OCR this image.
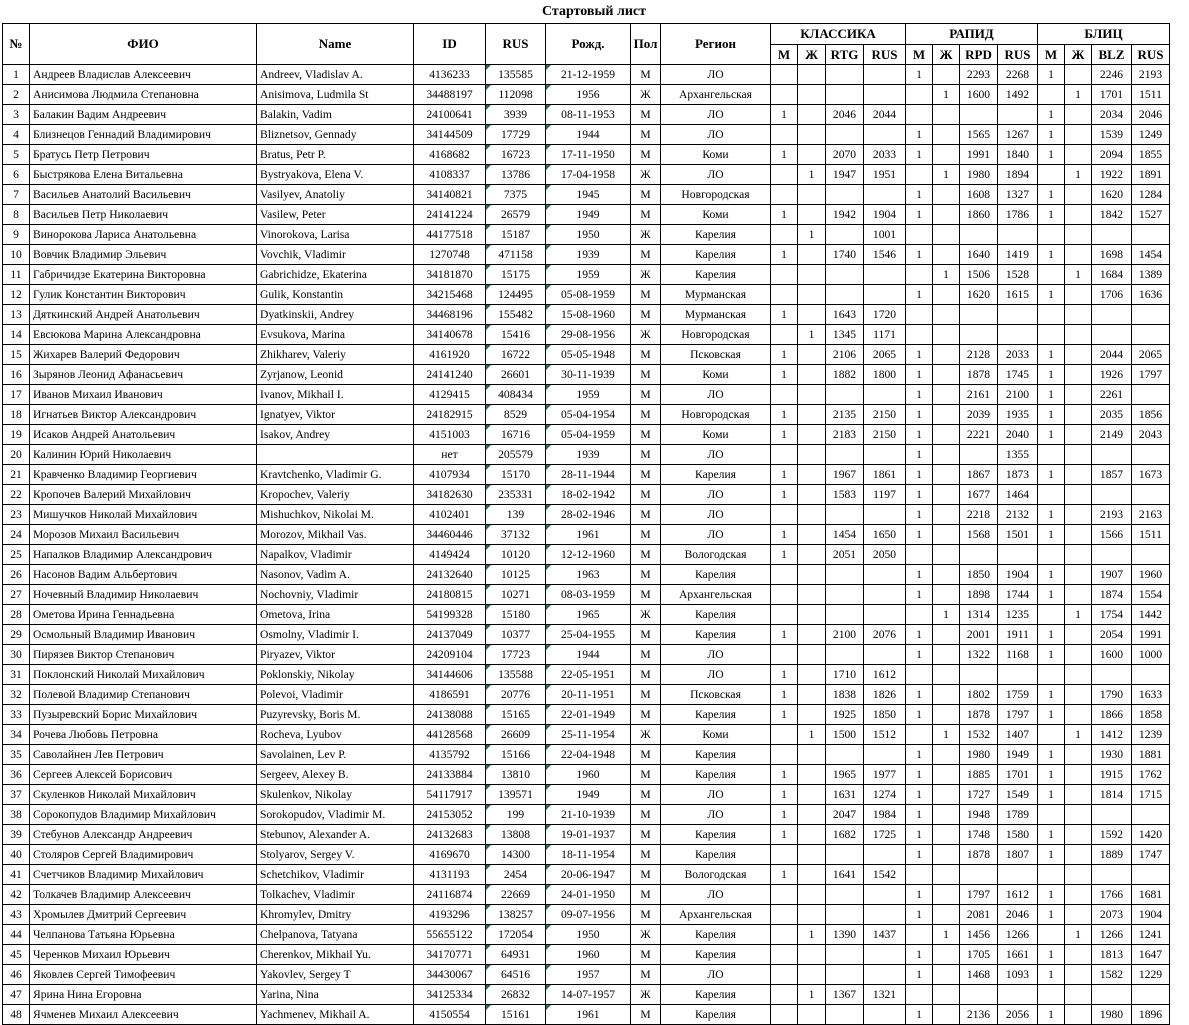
Стартовый лист
№	ФИО	Name	ID	RUS	Рожд.	Пол	Регион	КЛАССИКА				РАПИД				БЛИЦ			
								М	Ж	RTG	RUS	М	Ж	RPD	RUS	М	Ж	BLZ	RUS
1	Андреев Владислав Алексеевич	Andreev, Vladislav A.	4136233	135585	21-12-1959	М	ЛО					1		2293	2268	1		2246	2193
2	Анисимова Людмила Степановна	Anisimova, Ludmila St	34488197	112098	1956	Ж	Архангельская						1	1600	1492		1	1701	1511
3	Балакин Вадим Андреевич	Balakin, Vadim	24100641	3939	08-11-1953	М	ЛО	1		2046	2044					1		2034	2046
4	Близнецов Геннадий Владимирович	Bliznetsov, Gennady	34144509	17729	1944	М	ЛО					1		1565	1267	1		1539	1249
5	Братусь Петр Петрович	Bratus, Petr P.	4168682	16723	17-11-1950	М	Коми	1		2070	2033	1		1991	1840	1		2094	1855
6	Быстрякова Елена Витальевна	Bystryakova, Elena V.	4108337	13786	17-04-1958	Ж	ЛО		1	1947	1951		1	1980	1894		1	1922	1891
7	Васильев Анатолий Васильевич	Vasilyev, Anatoliy	34140821	7375	1945	М	Новгородская					1		1608	1327	1		1620	1284
8	Васильев Петр Николаевич	Vasilew, Peter	24141224	26579	1949	М	Коми	1		1942	1904	1		1860	1786	1		1842	1527
9	Винорокова Лариса Анатольевна	Vinorokova, Larisa	44177518	15187	1950	Ж	Карелия		1		1001								
10	Вовчик Владимир Эльевич	Vovchik, Vladimir	1270748	471158	1939	М	Карелия	1		1740	1546	1		1640	1419	1		1698	1454
11	Габричидзе Екатерина Викторовна	Gabrichidze, Ekaterina	34181870	15175	1959	Ж	Карелия						1	1506	1528		1	1684	1389
12	Гулик Константин Викторович	Gulik, Konstantin	34215468	124495	05-08-1959	М	Мурманская					1		1620	1615	1		1706	1636
13	Дяткинский Андрей Анатольевич	Dyatkinskii, Andrey	34468196	155482	15-08-1960	М	Мурманская	1		1643	1720								
14	Евсюкова Марина Александровна	Evsukova, Marina	34140678	15416	29-08-1956	Ж	Новгородская		1	1345	1171								
15	Жихарев Валерий Федорович	Zhikharev, Valeriy	4161920	16722	05-05-1948	М	Псковская	1		2106	2065	1		2128	2033	1		2044	2065
16	Зырянов Леонид Афанасьевич	Zyrjanow, Leonid	24141240	26601	30-11-1939	М	Коми	1		1882	1800	1		1878	1745	1		1926	1797
17	Иванов Михаил Иванович	Ivanov, Mikhail I.	4129415	408434	1959	М	ЛО					1		2161	2100	1		2261	
18	Игнатьев Виктор Александрович	Ignatyev, Viktor	24182915	8529	05-04-1954	М	Новгородская	1		2135	2150	1		2039	1935	1		2035	1856
19	Исаков Андрей Анатольевич	Isakov, Andrey	4151003	16716	05-04-1959	М	Коми	1		2183	2150	1		2221	2040	1		2149	2043
20	Калинин Юрий Николаевич		нет	205579	1939	М	ЛО					1			1355				
21	Кравченко Владимир Георгиевич	Kravtchenko, Vladimir G.	4107934	15170	28-11-1944	М	Карелия	1		1967	1861	1		1867	1873	1		1857	1673
22	Кропочев Валерий Михайлович	Kropochev, Valeriy	34182630	235331	18-02-1942	М	ЛО	1		1583	1197	1		1677	1464				
23	Мишучков Николай Михайлович	Mishuchkov, Nikolai M.	4102401	139	28-02-1946	М	ЛО					1		2218	2132	1		2193	2163
24	Морозов Михаил Васильевич	Morozov, Mikhail Vas.	34460446	37132	1961	М	ЛО	1		1454	1650	1		1568	1501	1		1566	1511
25	Напалков Владимир Александрович	Napalkov, Vladimir	4149424	10120	12-12-1960	М	Вологодская	1		2051	2050								
26	Насонов Вадим Альбертович	Nasonov, Vadim A.	24132640	10125	1963	М	Карелия					1		1850	1904	1		1907	1960
27	Ночевный Владимир Николаевич	Nochovniy, Vladimir	24180815	10271	08-03-1959	М	Архангельская					1		1898	1744	1		1874	1554
28	Ометова Ирина Геннадьевна	Ometova, Irina	54199328	15180	1965	Ж	Карелия						1	1314	1235		1	1754	1442
29	Осмольный Владимир Иванович	Osmolny, Vladimir I.	24137049	10377	25-04-1955	М	Карелия	1		2100	2076	1		2001	1911	1		2054	1991
30	Пирязев Виктор Степанович	Piryazev, Viktor	24209104	17723	1944	М	ЛО					1		1322	1168	1		1600	1000
31	Поклонский Николай Михайлович	Poklonskiy, Nikolay	34144606	135588	22-05-1951	М	ЛО	1		1710	1612								
32	Полевой Владимир Степанович	Polevoi, Vladimir	4186591	20776	20-11-1951	М	Псковская	1		1838	1826	1		1802	1759	1		1790	1633
33	Пузыревский Борис Михайлович	Puzyrevsky, Boris M.	24138088	15165	22-01-1949	М	Карелия	1		1925	1850	1		1878	1797	1		1866	1858
34	Рочева Любовь Петровна	Rocheva, Lyubov	44128568	26609	25-11-1954	Ж	Коми		1	1500	1512		1	1532	1407		1	1412	1239
35	Саволайнен Лев Петрович	Savolainen, Lev P.	4135792	15166	22-04-1948	М	Карелия					1		1980	1949	1		1930	1881
36	Сергеев Алексей Борисович	Sergeev, Alexey B.	24133884	13810	1960	М	Карелия	1		1965	1977	1		1885	1701	1		1915	1762
37	Скуленков Николай Михайлович	Skulenkov, Nikolay	54117917	139571	1949	М	ЛО	1		1631	1274	1		1727	1549	1		1814	1715
38	Сорокопудов Владимир Михайлович	Sorokopudov, Vladimir M.	24153052	199	21-10-1939	М	ЛО	1		2047	1984	1		1948	1789				
39	Стебунов Александр Андреевич	Stebunov, Alexander A.	24132683	13808	19-01-1937	М	Карелия	1		1682	1725	1		1748	1580	1		1592	1420
40	Столяров Сергей Владимирович	Stolyarov, Sergey V.	4169670	14300	18-11-1954	М	Карелия					1		1878	1807	1		1889	1747
41	Счетчиков Владимир Михайлович	Schetchikov, Vladimir	4131193	2454	20-06-1947	М	Вологодская	1		1641	1542								
42	Толкачев Владимир Алексеевич	Tolkachev, Vladimir	24116874	22669	24-01-1950	М	ЛО					1		1797	1612	1		1766	1681
43	Хромылев Дмитрий Сергеевич	Khromylev, Dmitry	4193296	138257	09-07-1956	М	Архангельская					1		2081	2046	1		2073	1904
44	Челпанова Татьяна Юрьевна	Chelpanova, Tatyana	55655122	172054	1950	Ж	Карелия		1	1390	1437		1	1456	1266		1	1266	1241
45	Черенков Михаил Юрьевич	Cherenkov, Mikhail Yu.	34170771	64931	1960	М	Карелия					1		1705	1661	1		1813	1647
46	Яковлев Сергей Тимофеевич	Yakovlev, Sergey T	34430067	64516	1957	М	ЛО					1		1468	1093	1		1582	1229
47	Ярина Нина Егоровна	Yarina, Nina	34125334	26832	14-07-1957	Ж	Карелия		1	1367	1321								
48	Ячменев Михаил Алексеевич	Yachmenev, Mikhail A.	4150554	15161	1961	М	Карелия					1		2136	2056	1		1980	1896
